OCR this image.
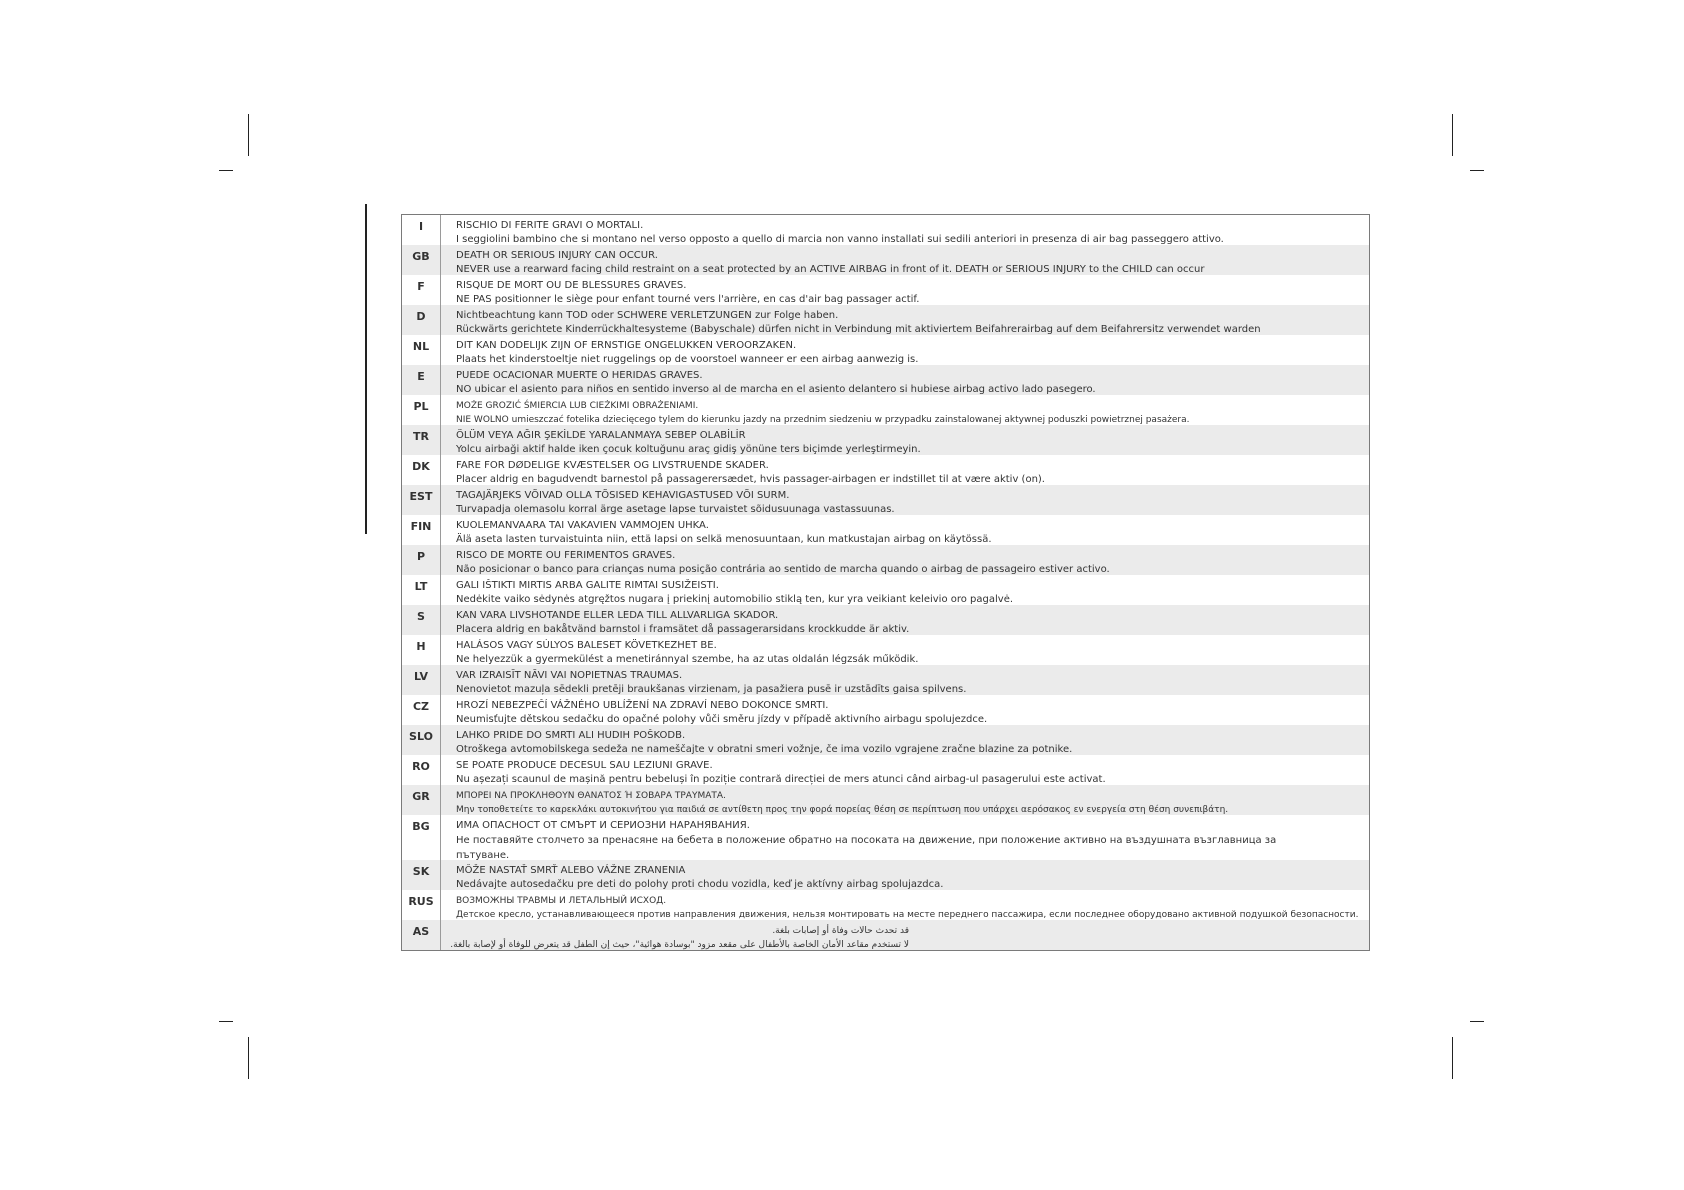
I	RISCHIO DI FERITE GRAVI O MORTALI.
I seggiolini bambino che si montano nel verso opposto a quello di marcia non vanno installati sui sedili anteriori in presenza di air bag passeggero attivo.
GB	DEATH OR SERIOUS INJURY CAN OCCUR.
NEVER use a rearward facing child restraint on a seat protected by an ACTIVE AIRBAG in front of it. DEATH or SERIOUS INJURY to the CHILD can occur
F	RISQUE DE MORT OU DE BLESSURES GRAVES.
NE PAS positionner le siège pour enfant tourné vers l'arrière, en cas d'air bag passager actif.
D	Nichtbeachtung kann TOD oder SCHWERE VERLETZUNGEN zur Folge haben.
Rückwärts gerichtete Kinderrückhaltesysteme (Babyschale) dürfen nicht in Verbindung mit aktiviertem Beifahrerairbag auf dem Beifahrersitz verwendet warden
NL	DIT KAN DODELIJK ZIJN OF ERNSTIGE ONGELUKKEN VEROORZAKEN.
Plaats het kinderstoeltje niet ruggelings op de voorstoel wanneer er een airbag aanwezig is.
E	PUEDE OCACIONAR MUERTE O HERIDAS GRAVES.
NO ubicar el asiento para niños en sentido inverso al de marcha en el asiento delantero si hubiese airbag activo lado pasegero.
PL	MOŻE GROZIĆ ŚMIERCIA LUB CIEŻKIMI OBRAŻENIAMI.
NIE WOLNO umieszczać fotelika dziecięcego tylem do kierunku jazdy na przednim siedzeniu w przypadku zainstalowanej aktywnej poduszki powietrznej pasażera.
TR	ÖLÜM VEYA AĞIR ŞEKİLDE YARALANMAYA SEBEP OLABİLİR
Yolcu airbaği aktif halde iken çocuk koltuğunu araç gidiş yönüne ters biçimde yerleştirmeyin.
DK	FARE FOR DØDELIGE KVÆSTELSER OG LIVSTRUENDE SKADER.
Placer aldrig en bagudvendt barnestol på passagerersædet, hvis passager-airbagen er indstillet til at være aktiv (on).
EST	TAGAJÄRJEKS VÕIVAD OLLA TÕSISED KEHAVIGASTUSED VÕI SURM.
Turvapadja olemasolu korral ärge asetage lapse turvaistet sõidusuunaga vastassuunas.
FIN	KUOLEMANVAARA TAI VAKAVIEN VAMMOJEN UHKA.
Älä aseta lasten turvaistuinta niin, että lapsi on selkä menosuuntaan, kun matkustajan airbag on käytössä.
P	RISCO DE MORTE OU FERIMENTOS GRAVES.
Não posicionar o banco para crianças numa posição contrária ao sentido de marcha quando o airbag de passageiro estiver activo.
LT	GALI IŠTIKTI MIRTIS ARBA GALITE RIMTAI SUSIŽEISTI.
Nedėkite vaiko sėdynės atgręžtos nugara į priekinį automobilio stiklą ten, kur yra veikiant keleivio oro pagalvė.
S	KAN VARA LIVSHOTANDE ELLER LEDA TILL ALLVARLIGA SKADOR.
Placera aldrig en bakåtvänd barnstol i framsätet då passagerarsidans krockkudde är aktiv.
H	HALÁSOS VAGY SÚLYOS BALESET KÖVETKEZHET BE.
Ne helyezzük a gyermekülést a menetiránnyal szembe, ha az utas oldalán légzsák működik.
LV	VAR IZRAISĪT NĀVI VAI NOPIETNAS TRAUMAS.
Nenovietot mazuļa sēdekli pretēji braukšanas virzienam, ja pasažiera pusē ir uzstādīts gaisa spilvens.
CZ	HROZÍ NEBEZPEČÍ VÁŽNÉHO UBLÍŽENÍ NA ZDRAVÍ NEBO DOKONCE SMRTI.
Neumisťujte dětskou sedačku do opačné polohy vůči směru jízdy v případě aktivního airbagu spolujezdce.
SLO	LAHKO PRIDE DO SMRTI ALI HUDIH POŠKODB.
Otroškega avtomobilskega sedeža ne nameščajte v obratni smeri vožnje, če ima vozilo vgrajene zračne blazine za potnike.
RO	SE POATE PRODUCE DECESUL SAU LEZIUNI GRAVE.
Nu așezați scaunul de mașină pentru bebeluși în poziție contrară direcției de mers atunci când airbag-ul pasagerului este activat.
GR	ΜΠΟΡΕΙ ΝΑ ΠΡΟΚΛΗΘΟΥΝ ΘΑΝΑΤΟΣ Ή ΣΟΒΑΡΑ ΤΡΑΥΜΑΤΑ.
Μην τοποθετείτε το καρεκλάκι αυτοκινήτου για παιδιά σε αντίθετη προς την φορά πορείας θέση σε περίπτωση που υπάρχει αερόσακος εν ενεργεία στη θέση συνεπιβάτη.
BG	ИМА ОПАСНОСТ ОТ СМЪРТ И СЕРИОЗНИ НАРАНЯВАНИЯ.
Не поставяйте столчето за пренасяне на бебета в положение обратно на посоката на движение, при положение активно на въздушната възглавница за пътуване.
SK	MÔŽE NASTAŤ SMRŤ ALEBO VÁŽNE ZRANENIA
Nedávajte autosedačku pre deti do polohy proti chodu vozidla, keď je aktívny airbag spolujazdca.
RUS	ВОЗМОЖНЫ ТРАВМЫ И ЛЕТАЛЬНЫЙ ИСХОД.
Детское кресло, устанавливающееся против направления движения, нельзя монтировать на месте переднего пассажира, если последнее оборудовано активной подушкой безопасности.
AS	قد تحدث حالات وفاة أو إصابات بلغة.
لا تستخدم مقاعد الأمان الخاصة بالأطفال على مقعد مزود "بوسادة هوائية"، حيث إن الطفل قد يتعرض للوفاة أو لإصابة بالغة.
